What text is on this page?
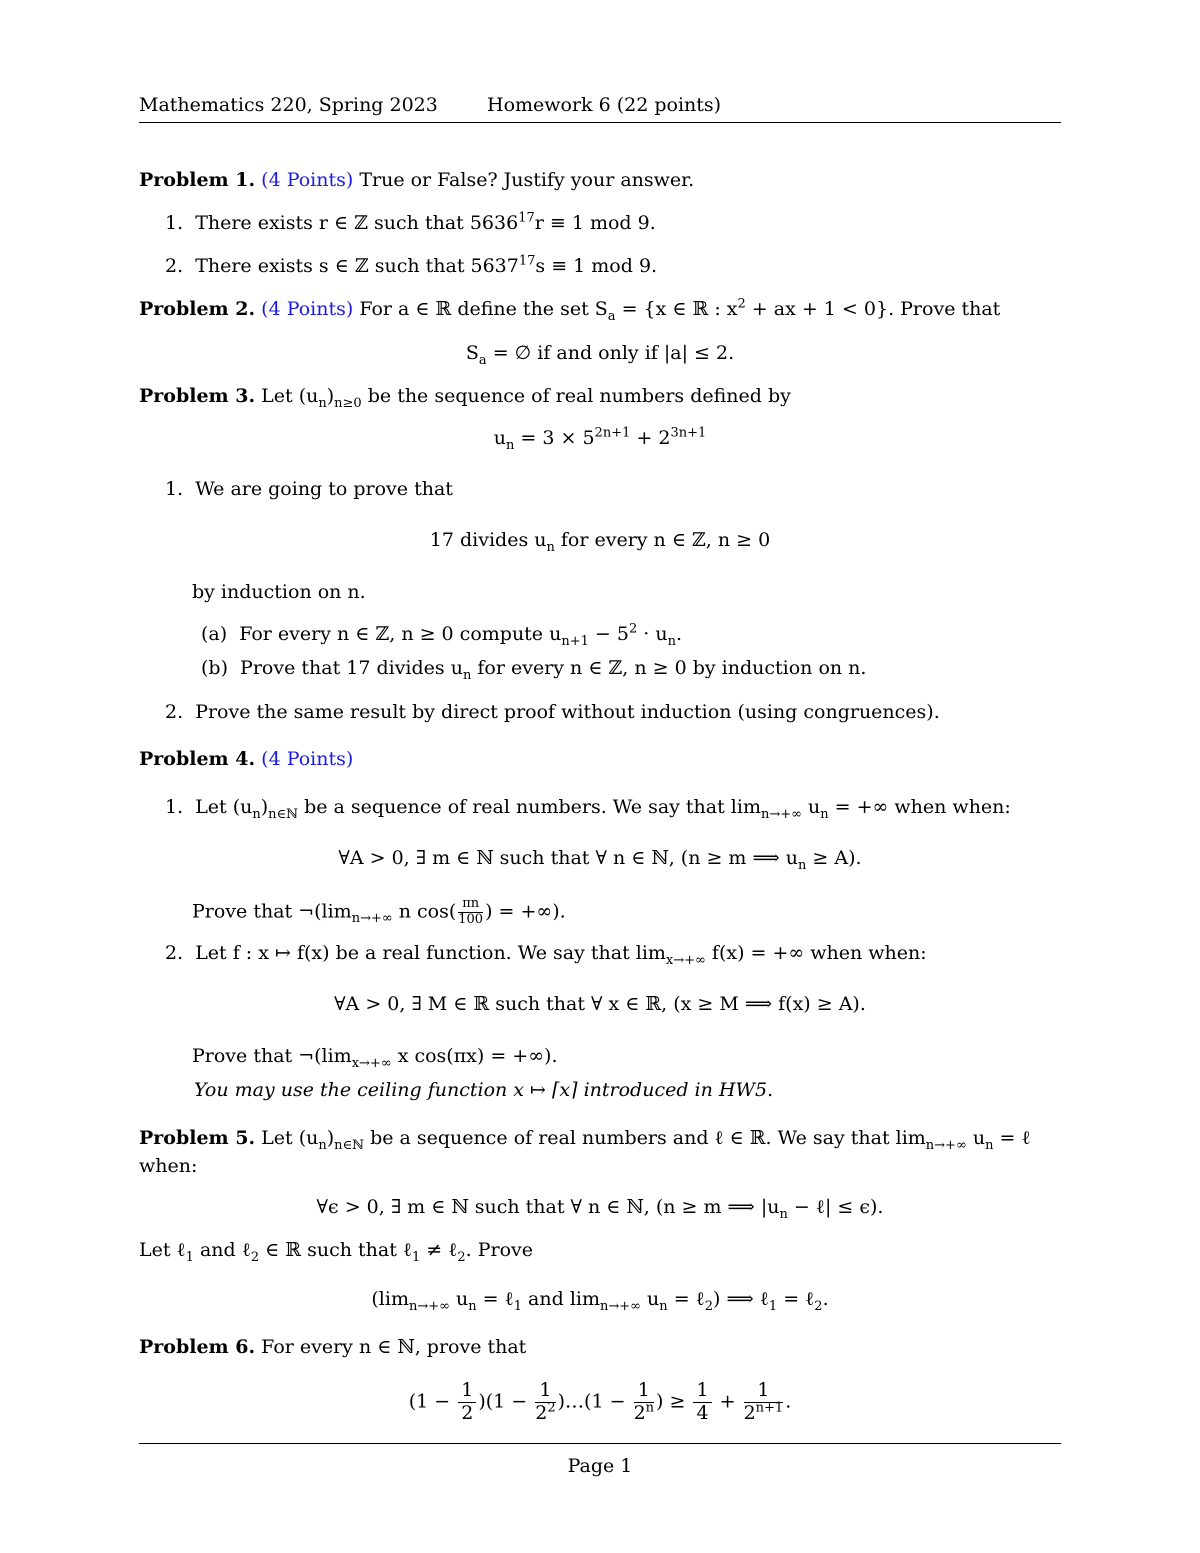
Mathematics 220, Spring 2023	Homework 6 (22 points)
Problem 1. (4 Points) True or False? Justify your answer.
1. There exists r ∈ ℤ such that $5636^{17}r \equiv 1$ mod 9.
2. There exists s ∈ ℤ such that $5637^{17}s \equiv 1$ mod 9.
Problem 2. (4 Points) For a ∈ ℝ define the set $S_a = \{x$ ∈ ℝ : $x^2$ + ax + 1 < 0}. Prove that
$S_a$ = ∅ if and only if |a| ≤ 2.
Problem 3. Let $(u_n)_{n\ge 0}$ be the sequence of real numbers defined by
$u_n = 3 \times 5^{2n+1} + 2^{3n+1}$
1. We are going to prove that
17 divides $u_n$ for every n ∈ ℤ, n ≥ 0
by induction on n.
(a) For every n ∈ ℤ, n ≥ 0 compute $u_{n+1} - 5^2 \cdot u_n$.
(b) Prove that 17 divides $u_n$ for every n ∈ ℤ, n ≥ 0 by induction on n.
2. Prove the same result by direct proof without induction (using congruences).
Problem 4. (4 Points)
1. Let $(u_n)_{n\in ℕ}$ be a sequence of real numbers. We say that $\lim_{n\to+\infty} u_n$ = +∞ when when:
∀A > 0, ∃ m ∈ ℕ such that ∀ n ∈ ℕ, (n ≥ m ⟹ $u_n \ge A$).
Prove that $\neg(\lim_{n\to+\infty}$ n $\cos( \frac{\pi n}{100}$ ) = +∞).
2. Let f : x ↦ f(x) be a real function. We say that $\lim_{x\to+\infty} f(x)$ = +∞ when when:
∀A > 0, ∃ M ∈ ℝ such that ∀ x ∈ ℝ, (x ≥ M ⟹ f(x) ≥ A).
Prove that $\neg(\lim_{x\to+\infty}$ x cos(πx) = +∞).
You may use the ceiling function x ↦ ⌈x⌉ introduced in HW5.
Problem 5. Let $(u_n)_{n\in ℕ}$ be a sequence of real numbers and ℓ ∈ ℝ. We say that $\lim_{n\to+\infty} u_n$ = ℓ
when:
∀ϵ > 0, ∃ m ∈ ℕ such that ∀ n ∈ ℕ, (n ≥ m ⟹ $|u_n$ − ℓ| ≤ ϵ).
Let ℓ$_1$ and ℓ$_2$ ∈ ℝ such that ℓ$_1$ ≠ ℓ$_2$. Prove
($\lim_{n\to+\infty}$ $u_n$ = ℓ$_1$ and $\lim_{n\to+\infty} u_n$ = ℓ$_2$) ⟹ ℓ$_1$ = ℓ$_2$.
Problem 6. For every n ∈ ℕ, prove that
$(1 - \frac{1}{2} )(1 - \frac{1}{2^2}$ )…(1 − $\frac{1}{2^n}$ ) ≥ $\frac{1}{4} + \frac{1}{2^{n+1}}$ .
Page 1
